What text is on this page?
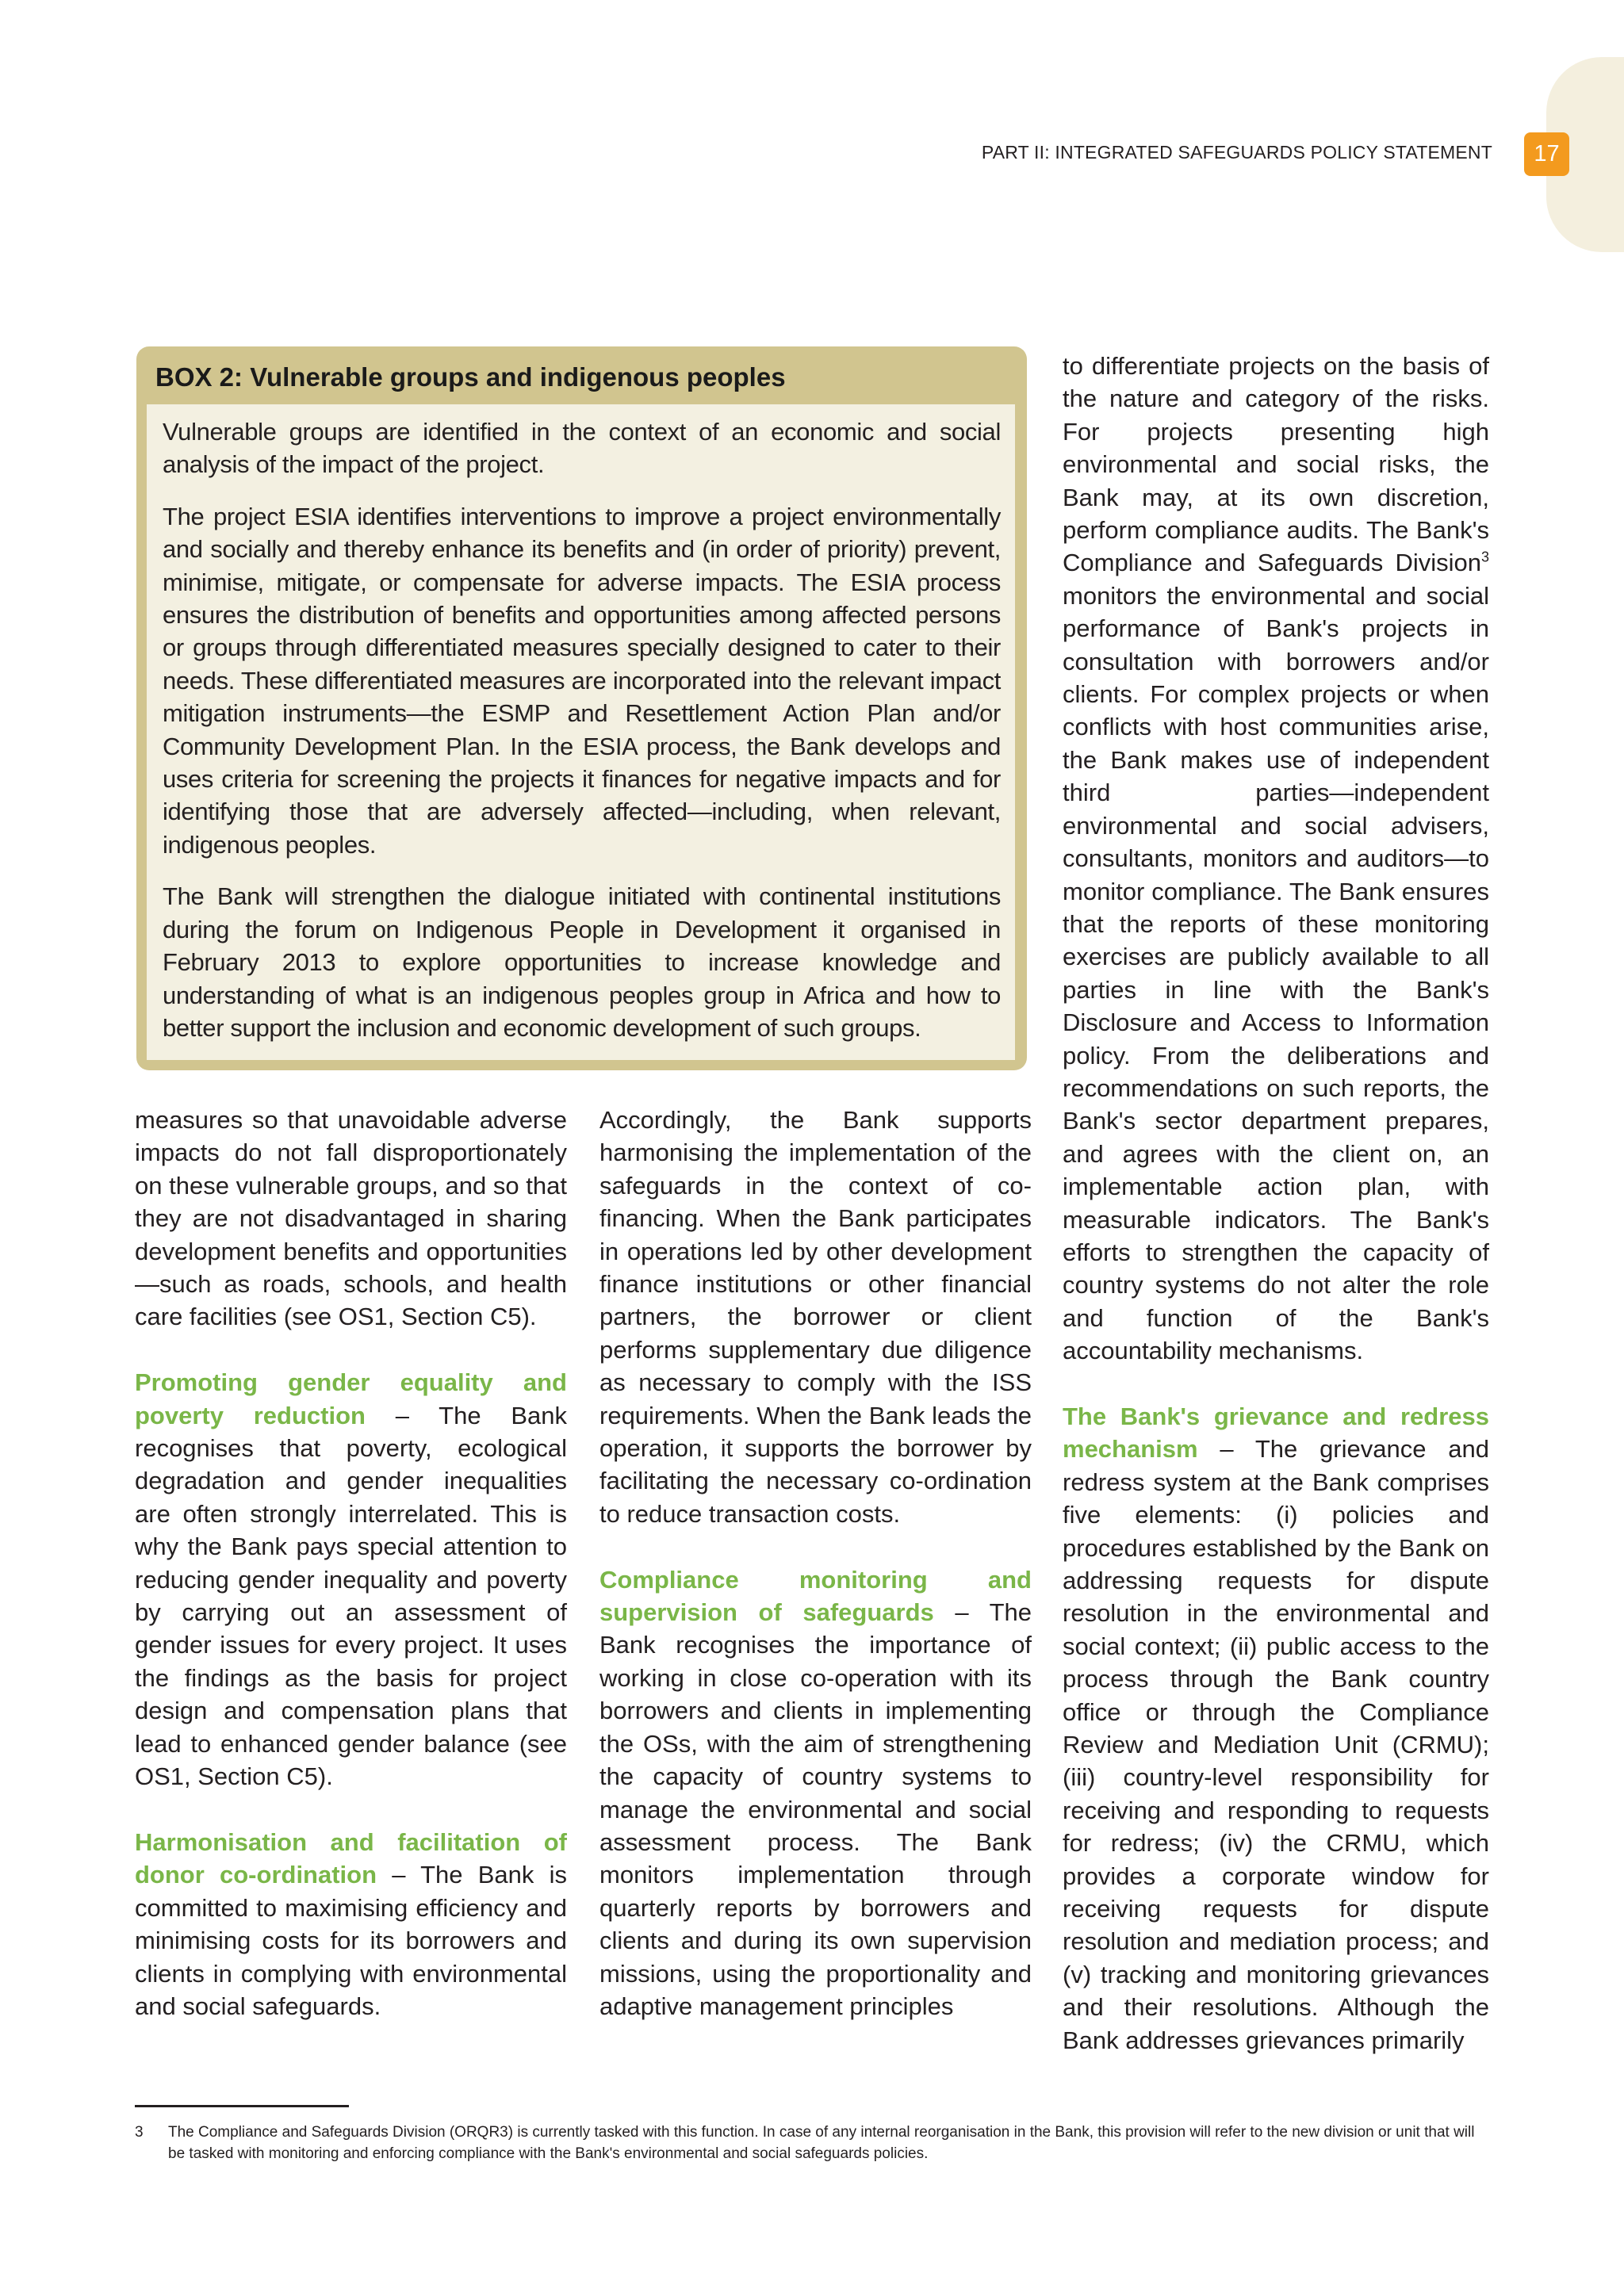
PART II: INTEGRATED SAFEGUARDS POLICY STATEMENT	17
BOX 2: Vulnerable groups and indigenous peoples

Vulnerable groups are identified in the context of an economic and social analysis of the impact of the project.

The project ESIA identifies interventions to improve a project environmentally and socially and thereby enhance its benefits and (in order of priority) prevent, minimise, mitigate, or compensate for adverse impacts. The ESIA process ensures the distribution of benefits and opportunities among affected persons or groups through differentiated measures specially designed to cater to their needs. These differentiated measures are incorporated into the relevant impact mitigation instruments—the ESMP and Resettlement Action Plan and/or Community Development Plan. In the ESIA process, the Bank develops and uses criteria for screening the projects it finances for negative impacts and for identifying those that are adversely affected—including, when relevant, indigenous peoples.

The Bank will strengthen the dialogue initiated with continental institutions during the forum on Indigenous People in Development it organised in February 2013 to explore opportunities to increase knowledge and understanding of what is an indigenous peoples group in Africa and how to better support the inclusion and economic development of such groups.

measures so that unavoidable adverse impacts do not fall disproportionately on these vulnerable groups, and so that they are not disadvantaged in sharing development benefits and opportunities—such as roads, schools, and health care facilities (see OS1, Section C5).

Promoting gender equality and poverty reduction – The Bank recognises that poverty, ecological degradation and gender inequalities are often strongly interrelated. This is why the Bank pays special attention to reducing gender inequality and poverty by carrying out an assessment of gender issues for every project. It uses the findings as the basis for project design and compensation plans that lead to enhanced gender balance (see OS1, Section C5).

Harmonisation and facilitation of donor co-ordination – The Bank is committed to maximising efficiency and minimising costs for its borrowers and clients in complying with environmental and social safeguards.

Accordingly, the Bank supports harmonising the implementation of the safeguards in the context of co-financing. When the Bank participates in operations led by other development finance institutions or other financial partners, the borrower or client performs supplementary due diligence as necessary to comply with the ISS requirements. When the Bank leads the operation, it supports the borrower by facilitating the necessary co-ordination to reduce transaction costs.

Compliance monitoring and supervision of safeguards – The Bank recognises the importance of working in close co-operation with its borrowers and clients in implementing the OSs, with the aim of strengthening the capacity of country systems to manage the environmental and social assessment process. The Bank monitors implementation through quarterly reports by borrowers and clients and during its own supervision missions, using the proportionality and adaptive management principles

to differentiate projects on the basis of the nature and category of the risks. For projects presenting high environmental and social risks, the Bank may, at its own discretion, perform compliance audits. The Bank's Compliance and Safeguards Division$^3$ monitors the environmental and social performance of Bank's projects in consultation with borrowers and/or clients. For complex projects or when conflicts with host communities arise, the Bank makes use of independent third parties—independent environmental and social advisers, consultants, monitors and auditors—to monitor compliance. The Bank ensures that the reports of these monitoring exercises are publicly available to all parties in line with the Bank's Disclosure and Access to Information policy. From the deliberations and recommendations on such reports, the Bank's sector department prepares, and agrees with the client on, an implementable action plan, with measurable indicators. The Bank's efforts to strengthen the capacity of country systems do not alter the role and function of the Bank's accountability mechanisms.

The Bank's grievance and redress mechanism – The grievance and redress system at the Bank comprises five elements: (i) policies and procedures established by the Bank on addressing requests for dispute resolution in the environmental and social context; (ii) public access to the process through the Bank country office or through the Compliance Review and Mediation Unit (CRMU); (iii) country-level responsibility for receiving and responding to requests for redress; (iv) the CRMU, which provides a corporate window for receiving requests for dispute resolution and mediation process; and (v) tracking and monitoring grievances and their resolutions. Although the Bank addresses grievances primarily

3 The Compliance and Safeguards Division (ORQR3) is currently tasked with this function. In case of any internal reorganisation in the Bank, this provision will refer to the new division or unit that will be tasked with monitoring and enforcing compliance with the Bank's environmental and social safeguards policies.
